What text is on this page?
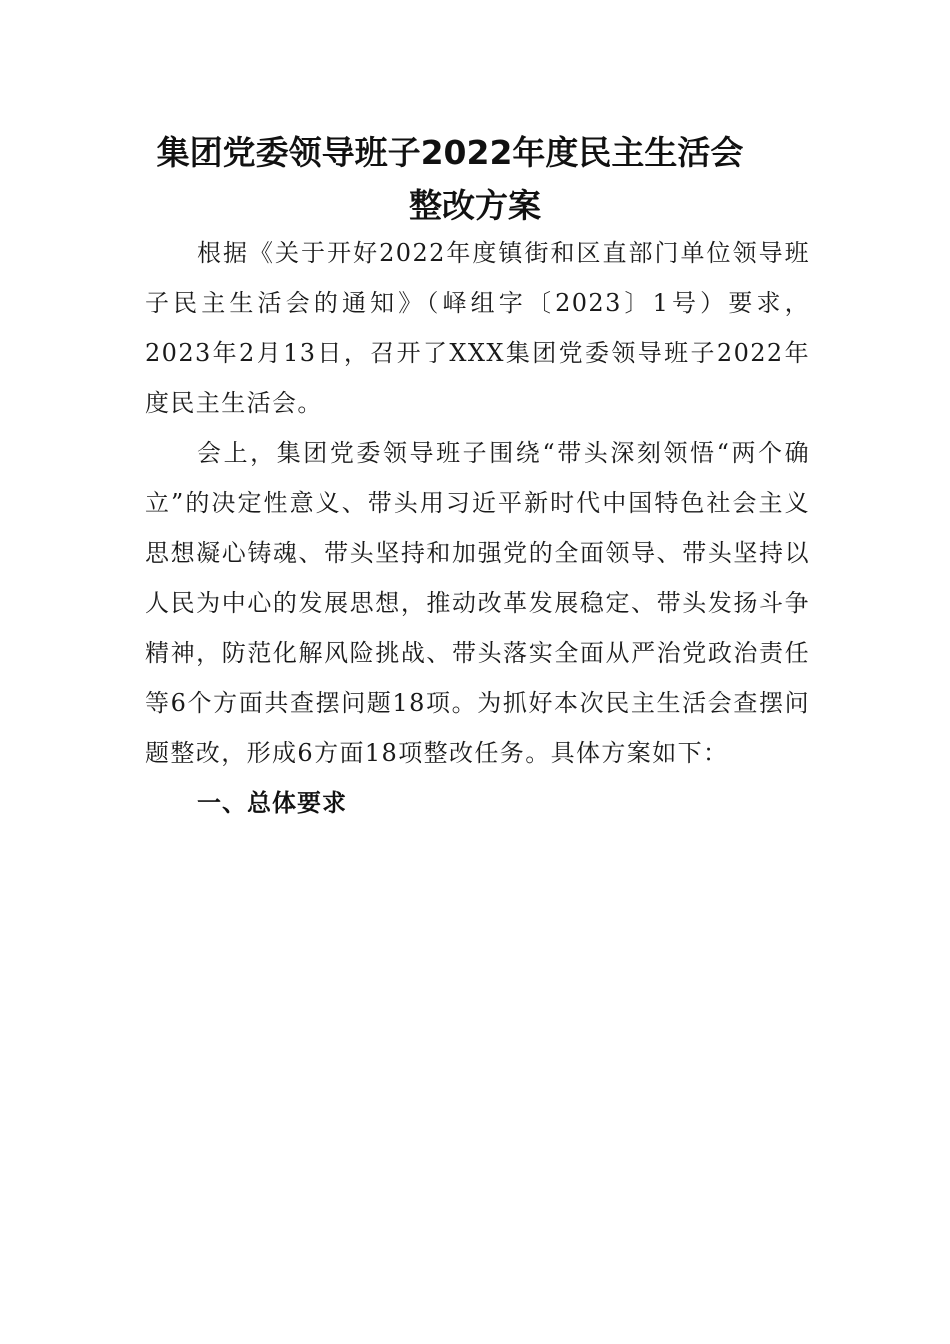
集团党委领导班子2022年度民主生活会
整改方案

根据《关于开好2022年度镇街和区直部门单位领导班子民主生活会的通知》（峄组字〔2023〕1号）要求，2023年2月13日，召开了XXX集团党委领导班子2022年度民主生活会。

会上，集团党委领导班子围绕“带头深刻领悟“两个确立”的决定性意义、带头用习近平新时代中国特色社会主义思想凝心铸魂、带头坚持和加强党的全面领导、带头坚持以人民为中心的发展思想，推动改革发展稳定、带头发扬斗争精神，防范化解风险挑战、带头落实全面从严治党政治责任等6个方面共查摆问题18项。为抓好本次民主生活会查摆问题整改，形成6方面18项整改任务。具体方案如下：

一、总体要求
